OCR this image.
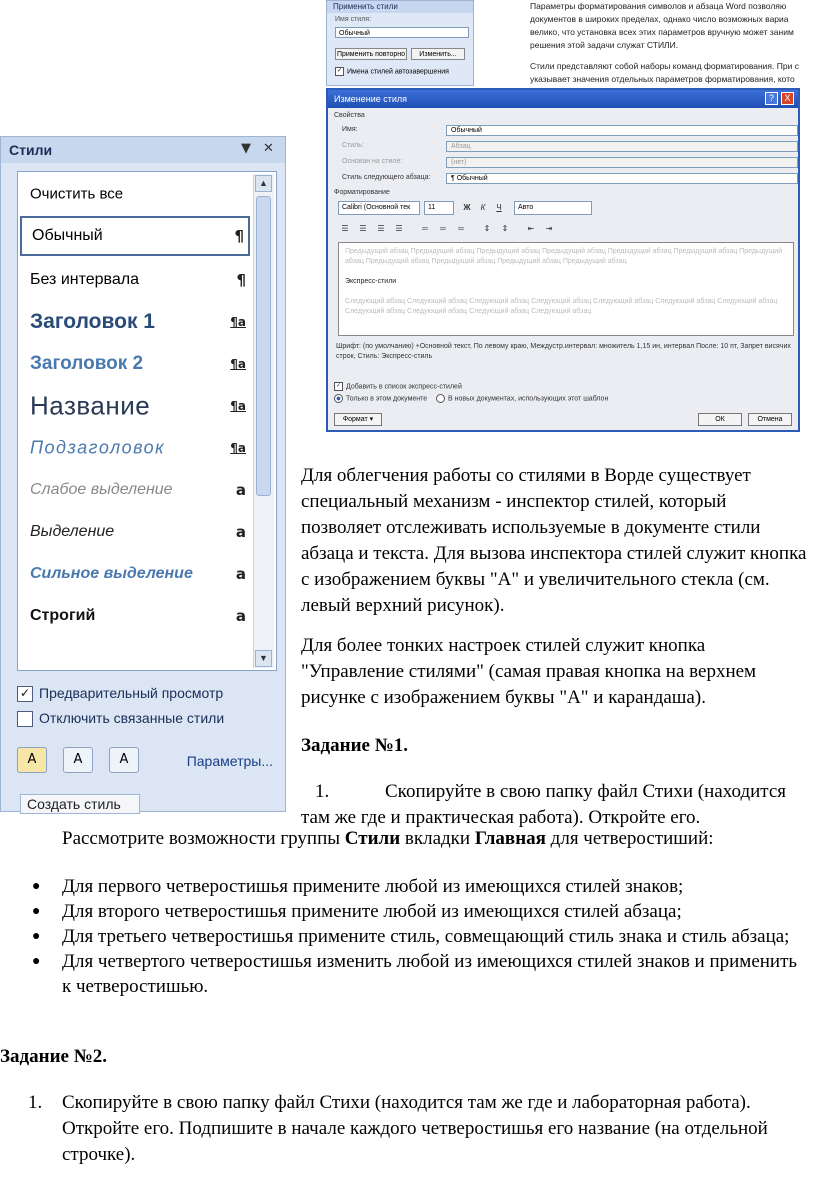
Применить стили
Имя стиля:
Обычный
Применить повторно	Изменить...
✓ Имена стилей автозавершения

Параметры форматирования символов и абзаца Word позволяю документов в широких пределах, однако число возможных вариа велико, что установка всех этих параметров вручную может заним решения этой задачи служат СТИЛИ.

Стили представляют собой наборы команд форматирования. При с указывает значения отдельных параметров форматирования, кото

Изменение стиля	?	X
Свойства
Имя:	Обычный
Стиль:	Абзац
Основан на стиле:	(нет)
Стиль следующего абзаца:	¶ Обычный
Форматирование
Calibri (Основной тек	11	Ж	К	Ч	Авто
☰	☰	☰	☰	═	═	═	⇕	⇕	⇤	⇥
Предыдущий абзац Предыдущий абзац Предыдущий абзац Предыдущий абзац Предыдущий абзац Предыдущий абзац Предыдущий абзац Предыдущий абзац Предыдущий абзац Предыдущий абзац Предыдущий абзац
Экспресс-стили
Следующий абзац Следующий абзац Следующий абзац Следующий абзац Следующий абзац Следующий абзац Следующий абзац Следующий абзац Следующий абзац Следующий абзац Следующий абзац
Шрифт: (по умолчанию) +Основной текст, По левому краю, Междустр.интервал: множитель 1,15 ин, интервал После: 10 пт, Запрет висячих строк, Стиль: Экспресс-стиль
✓ Добавить в список экспресс-стилей
Только в этом документе	В новых документах, использующих этот шаблон
Формат ▾	ОК	Отмена
Стили	▼ ✕
Очистить все
Обычный	¶
Без интервала	¶
Заголовок 1	¶a
Заголовок 2	¶a
Название	¶a
Подзаголовок	¶a
Слабое выделение	a
Выделение	a
Сильное выделение	a
Строгий	a
▲
▼
✓ Предварительный просмотр
Отключить связанные стили
A	A	A	Параметры...
Создать стиль
Для облегчения работы со стилями в Ворде существует специальный механизм - инспектор стилей, который позволяет отслеживать используемые в документе стили абзаца и текста. Для вызова инспектора стилей служит кнопка с изображением буквы "А" и увеличительного стекла (см. левый верхний рисунок).
Для более тонких настроек стилей служит кнопка "Управление стилями" (самая правая кнопка на верхнем рисунке с изображением буквы "А" и карандаша).
Задание №1.
1.	Скопируйте в свою папку файл Стихи (находится там же где и практическая работа). Откройте его.
Рассмотрите возможности группы Стили вкладки Главная для четверостиший:
● Для первого четверостишья примените любой из имеющихся стилей знаков;
● Для второго четверостишья примените любой из имеющихся стилей абзаца;
● Для третьего четверостишья примените стиль, совмещающий стиль знака и стиль абзаца;
● Для четвертого четверостишья изменить любой из имеющихся стилей знаков и применить к четверостишью.
Задание №2.
1. Скопируйте в свою папку файл Стихи (находится там же где и лабораторная работа). Откройте его. Подпишите в начале каждого четверостишья его название (на отдельной строчке).
